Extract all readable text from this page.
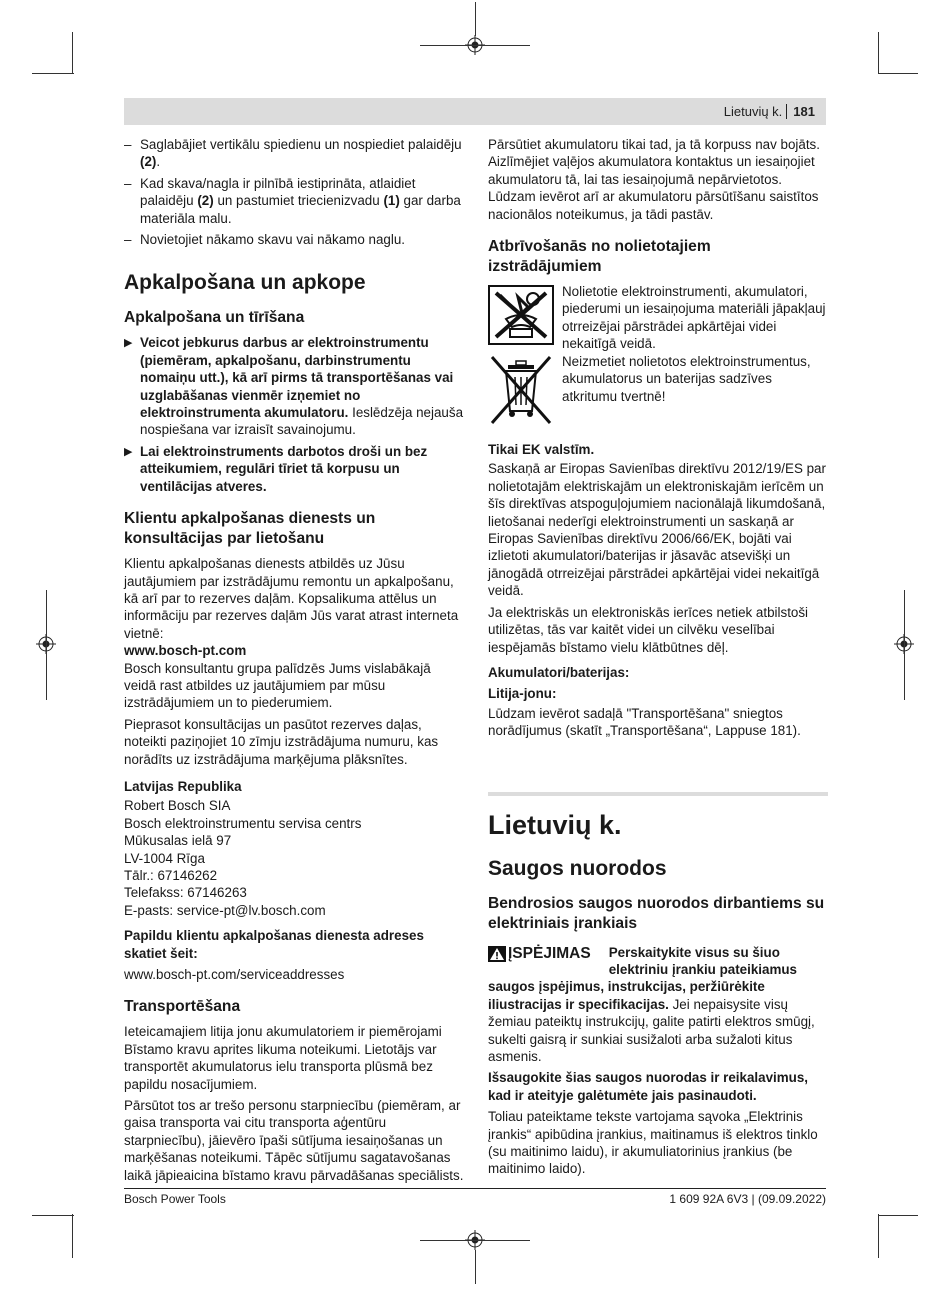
Lietuvių k. 181

– Saglabājiet vertikālu spiedienu un nospiediet palaidēju (2).

– Kad skava/nagla ir pilnībā iestiprināta, atlaidiet palaidēju (2) un pastumiet triecienizvadu (1) gar darba materiāla malu.

– Novietojiet nākamo skavu vai nākamo naglu.

Apkalpošana un apkope
Apkalpošana un tīrīšana

▶ Veicot jebkurus darbus ar elektroinstrumentu (piemēram, apkalpošanu, darbinstrumentu nomaiņu utt.), kā arī pirms tā transportēšanas vai uzglabāšanas vienmēr izņemiet no elektroinstrumenta akumulatoru. Ieslēdzēja nejauša nospiešana var izraisīt savainojumu.

▶ Lai elektroinstruments darbotos droši un bez atteikumiem, regulāri tīriet tā korpusu un ventilācijas atveres.

Klientu apkalpošanas dienests un konsultācijas par lietošanu

Klientu apkalpošanas dienests atbildēs uz Jūsu jautājumiem par izstrādājumu remontu un apkalpošanu, kā arī par to rezerves daļām. Kopsalikuma attēlus un informāciju par rezerves daļām Jūs varat atrast interneta vietnē:
www.bosch-pt.com
Bosch konsultantu grupa palīdzēs Jums vislabākajā veidā rast atbildes uz jautājumiem par mūsu izstrādājumiem un to piederumiem.

Pieprasot konsultācijas un pasūtot rezerves daļas, noteikti paziņojiet 10 zīmju izstrādājuma numuru, kas norādīts uz izstrādājuma marķējuma plāksnītes.

Latvijas Republika

Robert Bosch SIA

Bosch elektroinstrumentu servisa centrs

Mūkusalas ielā 97

LV-1004 Rīga

Tālr.: 67146262

Telefakss: 67146263

E-pasts: service-pt@lv.bosch.com

Papildu klientu apkalpošanas dienesta adreses skatiet šeit:

www.bosch-pt.com/serviceaddresses

Transportēšana

Ieteicamajiem litija jonu akumulatoriem ir piemērojami Bīstamo kravu aprites likuma noteikumi. Lietotājs var transportēt akumulatorus ielu transporta plūsmā bez papildu nosacījumiem.

Pārsūtot tos ar trešo personu starpniecību (piemēram, ar gaisa transporta vai citu transporta aģentūru starpniecību), jāievēro īpaši sūtījuma iesaiņošanas un marķēšanas noteikumi. Tāpēc sūtījumu sagatavošanas laikā jāpieaicina bīstamo kravu pārvadāšanas speciālists.

Pārsūtiet akumulatoru tikai tad, ja tā korpuss nav bojāts. Aizlīmējiet vaļējos akumulatora kontaktus un iesaiņojiet akumulatoru tā, lai tas iesaiņojumā nepārvietotos. Lūdzam ievērot arī ar akumulatoru pārsūtīšanu saistītos nacionālos noteikumus, ja tādi pastāv.

Atbrīvošanās no nolietotajiem izstrādājumiem

Nolietotie elektroinstrumenti, akumulatori, piederumi un iesaiņojuma materiāli jāpakļauj otrreizējai pārstrādei apkārtējai videi nekaitīgā veidā.

Neizmetiet nolietotos elektroinstrumentus, akumulatorus un baterijas sadzīves atkritumu tvertnē!

Tikai EK valstīm.

Saskaņā ar Eiropas Savienības direktīvu 2012/19/ES par nolietotajām elektriskajām un elektroniskajām ierīcēm un šīs direktīvas atspoguļojumiem nacionālajā likumdošanā, lietošanai nederīgi elektroinstrumenti un saskaņā ar Eiropas Savienības direktīvu 2006/66/EK, bojāti vai izlietoti akumulatori/baterijas ir jāsavāc atsevišķi un jānogādā otrreizējai pārstrādei apkārtējai videi nekaitīgā veidā.

Ja elektriskās un elektroniskās ierīces netiek atbilstoši utilizētas, tās var kaitēt videi un cilvēku veselībai iespējamās bīstamo vielu klātbūtnes dēļ.

Akumulatori/baterijas:
Litija-jonu:

Lūdzam ievērot sadaļā "Transportēšana" sniegtos norādījumus (skatīt „Transportēšana“, Lappuse 181).

Lietuvių k.
Saugos nuorodos
Bendrosios saugos nuorodos dirbantiems su elektriniais įrankiais
ĮSPĖJIMAS	Perskaitykite visus su šiuo elektriniu įrankiu pateikiamus saugos įspėjimus, instrukcijas, peržiūrėkite iliustracijas ir specifikacijas. Jei nepaisysite visų žemiau pateiktų instrukcijų, galite patirti elektros smūgį, sukelti gaisrą ir sunkiai susižaloti arba sužaloti kitus asmenis.

Išsaugokite šias saugos nuorodas ir reikalavimus, kad ir ateityje galėtumėte jais pasinaudoti.

Toliau pateiktame tekste vartojama sąvoka „Elektrinis įrankis“ apibūdina įrankius, maitinamus iš elektros tinklo (su maitinimo laidu), ir akumuliatorinius įrankius (be maitinimo laido).

Bosch Power Tools	1 609 92A 6V3 | (09.09.2022)
